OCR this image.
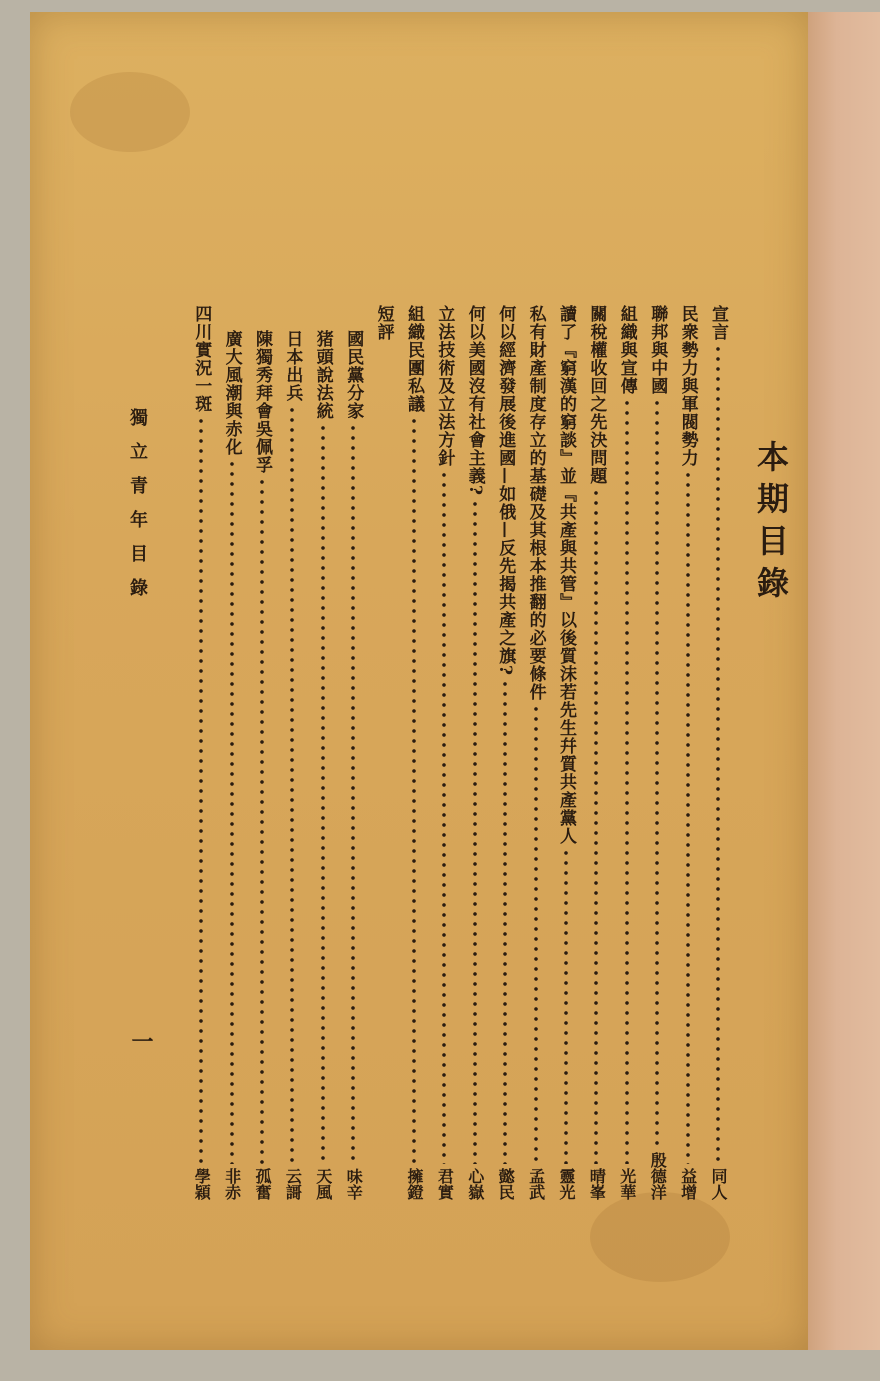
本期目錄
宣言
同人
民衆勢力與軍閥勢力
益增
聯邦與中國
殷德洋
組織與宣傳
光華
關稅權收回之先決問題
晴峯
讀了『窮漢的窮談』並『共產與共管』以後質沫若先生幷質共產黨人
靈光
私有財產制度存立的基礎及其根本推翻的必要條件
孟武
何以經濟發展後進國—如俄—反先揭共產之旗?
懿民
何以美國沒有社會主義?
心嶽
立法技術及立法方針
君實
組織民團私議
擁鐙
短評
國民黨分家
味辛
猪頭說法統
天風
日本出兵
云謌
陳獨秀拜會吳佩孚
孤奮
廣大風潮與赤化
非赤
四川實況一斑
學穎
獨立青年目錄
一
